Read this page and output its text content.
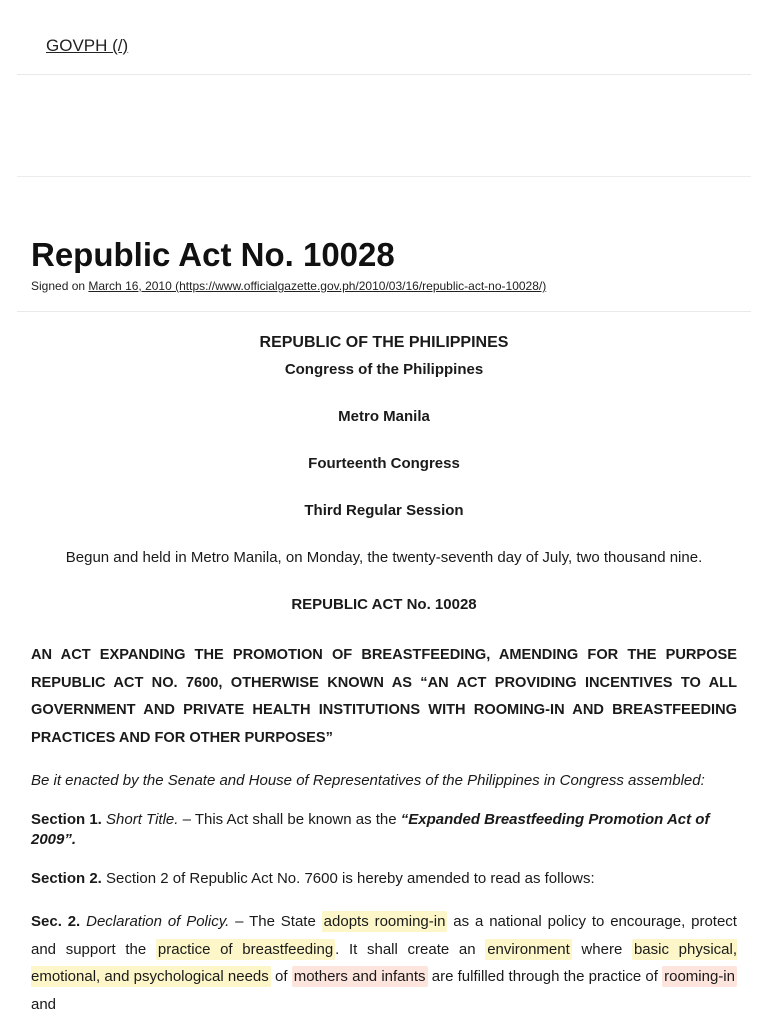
GOVPH (/)
Republic Act No. 10028
Signed on March 16, 2010 (https://www.officialgazette.gov.ph/2010/03/16/republic-act-no-10028/)
REPUBLIC OF THE PHILIPPINES
Congress of the Philippines
Metro Manila
Fourteenth Congress
Third Regular Session
Begun and held in Metro Manila, on Monday, the twenty-seventh day of July, two thousand nine.
REPUBLIC ACT No. 10028
AN ACT EXPANDING THE PROMOTION OF BREASTFEEDING, AMENDING FOR THE PURPOSE REPUBLIC ACT NO. 7600, OTHERWISE KNOWN AS “AN ACT PROVIDING INCENTIVES TO ALL GOVERNMENT AND PRIVATE HEALTH INSTITUTIONS WITH ROOMING-IN AND BREASTFEEDING PRACTICES AND FOR OTHER PURPOSES”
Be it enacted by the Senate and House of Representatives of the Philippines in Congress assembled:
Section 1. Short Title. – This Act shall be known as the “Expanded Breastfeeding Promotion Act of 2009”.
Section 2. Section 2 of Republic Act No. 7600 is hereby amended to read as follows:
Sec. 2. Declaration of Policy. – The State adopts rooming-in as a national policy to encourage, protect and support the practice of breastfeeding . It shall create an environment where basic physical, emotional, and psychological needs of mothers and infants are fulfilled through the practice of rooming-in and
